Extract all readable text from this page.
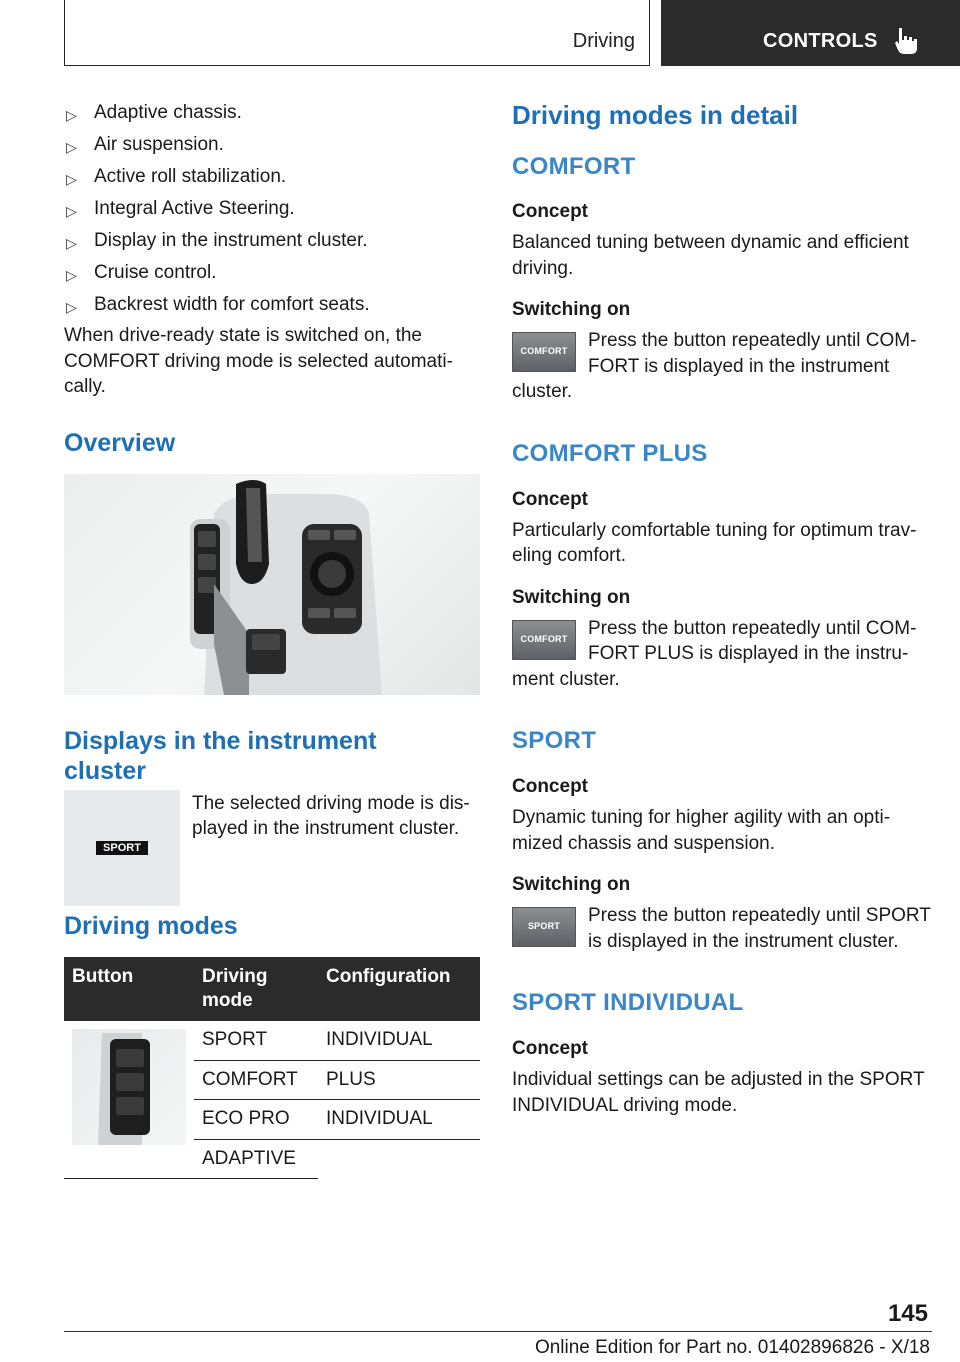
Driving	CONTROLS
▷ Adaptive chassis.
▷ Air suspension.
▷ Active roll stabilization.
▷ Integral Active Steering.
▷ Display in the instrument cluster.
▷ Cruise control.
▷ Backrest width for comfort seats.

When drive-ready state is switched on, the COMFORT driving mode is selected automati-cally.

Overview
Displays in the instrument cluster
SPORT

The selected driving mode is dis-played in the instrument cluster.

Driving modes
Button	Driving mode	Configuration

	SPORT	INDIVIDUAL
	COMFORT	PLUS
	ECO PRO	INDIVIDUAL
	ADAPTIVE	
Driving modes in detail
COMFORT
Concept

Balanced tuning between dynamic and efficient driving.

Switching on
COMFORT	Press the button repeatedly until COM-FORT is displayed in the instrument cluster.

COMFORT PLUS
Concept

Particularly comfortable tuning for optimum trav-eling comfort.

Switching on
COMFORT	Press the button repeatedly until COM-FORT PLUS is displayed in the instru-ment cluster.

SPORT
Concept

Dynamic tuning for higher agility with an opti-mized chassis and suspension.

Switching on
SPORT	Press the button repeatedly until SPORT is displayed in the instrument cluster.

SPORT INDIVIDUAL
Concept

Individual settings can be adjusted in the SPORT INDIVIDUAL driving mode.

145
Online Edition for Part no. 01402896826 - X/18
